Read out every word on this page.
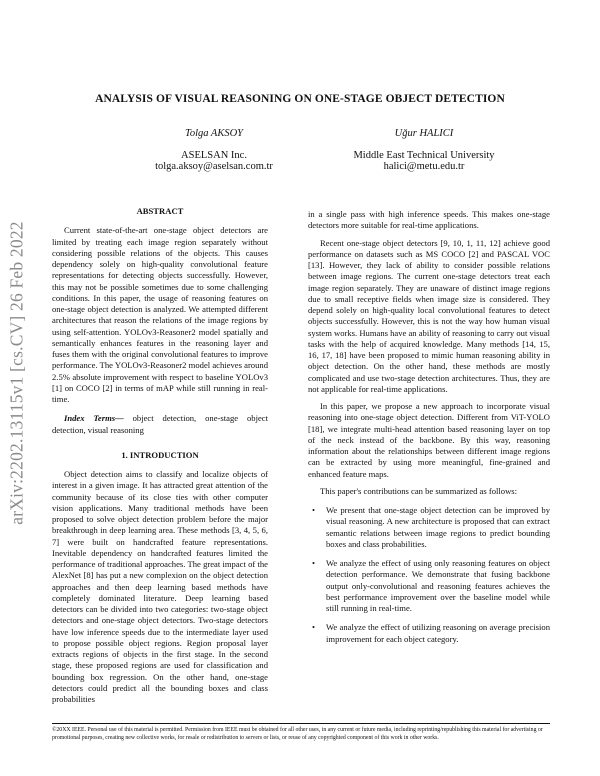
arXiv:2202.13115v1 [cs.CV] 26 Feb 2022
ANALYSIS OF VISUAL REASONING ON ONE-STAGE OBJECT DETECTION
Tolga AKSOY
ASELSAN Inc.
tolga.aksoy@aselsan.com.tr
Uğur HALICI
Middle East Technical University
halici@metu.edu.tr
ABSTRACT

Current state-of-the-art one-stage object detectors are limited by treating each image region separately without considering possible relations of the objects. This causes dependency solely on high-quality convolutional feature representations for detecting objects successfully. However, this may not be possible sometimes due to some challenging conditions. In this paper, the usage of reasoning features on one-stage object detection is analyzed. We attempted different architectures that reason the relations of the image regions by using self-attention. YOLOv3-Reasoner2 model spatially and semantically enhances features in the reasoning layer and fuses them with the original convolutional features to improve performance. The YOLOv3-Reasoner2 model achieves around 2.5% absolute improvement with respect to baseline YOLOv3 [1] on COCO [2] in terms of mAP while still running in real-time.

Index Terms— object detection, one-stage object detection, visual reasoning

1. INTRODUCTION

Object detection aims to classify and localize objects of interest in a given image. It has attracted great attention of the community because of its close ties with other computer vision applications. Many traditional methods have been proposed to solve object detection problem before the major breakthrough in deep learning area. These methods [3, 4, 5, 6, 7] were built on handcrafted feature representations. Inevitable dependency on handcrafted features limited the performance of traditional approaches. The great impact of the AlexNet [8] has put a new complexion on the object detection approaches and then deep learning based methods have completely dominated literature. Deep learning based detectors can be divided into two categories: two-stage object detectors and one-stage object detectors. Two-stage detectors have low inference speeds due to the intermediate layer used to propose possible object regions. Region proposal layer extracts regions of objects in the first stage. In the second stage, these proposed regions are used for classification and bounding box regression. On the other hand, one-stage detectors could predict all the bounding boxes and class probabilities

in a single pass with high inference speeds. This makes one-stage detectors more suitable for real-time applications.

Recent one-stage object detectors [9, 10, 1, 11, 12] achieve good performance on datasets such as MS COCO [2] and PASCAL VOC [13]. However, they lack of ability to consider possible relations between image regions. The current one-stage detectors treat each image region separately. They are unaware of distinct image regions due to small receptive fields when image size is considered. They depend solely on high-quality local convolutional features to detect objects successfully. However, this is not the way how human visual system works. Humans have an ability of reasoning to carry out visual tasks with the help of acquired knowledge. Many methods [14, 15, 16, 17, 18] have been proposed to mimic human reasoning ability in object detection. On the other hand, these methods are mostly complicated and use two-stage detection architectures. Thus, they are not applicable for real-time applications.

In this paper, we propose a new approach to incorporate visual reasoning into one-stage object detection. Different from ViT-YOLO [18], we integrate multi-head attention based reasoning layer on top of the neck instead of the backbone. By this way, reasoning information about the relationships between different image regions can be extracted by using more meaningful, fine-grained and enhanced feature maps.

This paper's contributions can be summarized as follows:

• We present that one-stage object detection can be improved by visual reasoning. A new architecture is proposed that can extract semantic relations between image regions to predict bounding boxes and class probabilities.
• We analyze the effect of using only reasoning features on object detection performance. We demonstrate that fusing backbone output only-convolutional and reasoning features achieves the best performance improvement over the baseline model while still running in real-time.
• We analyze the effect of utilizing reasoning on average precision improvement for each object category.
©20XX IEEE. Personal use of this material is permitted. Permission from IEEE must be obtained for all other uses, in any current or future media, including reprinting/republishing this material for advertising or promotional purposes, creating new collective works, for resale or redistribution to servers or lists, or reuse of any copyrighted component of this work in other works.
